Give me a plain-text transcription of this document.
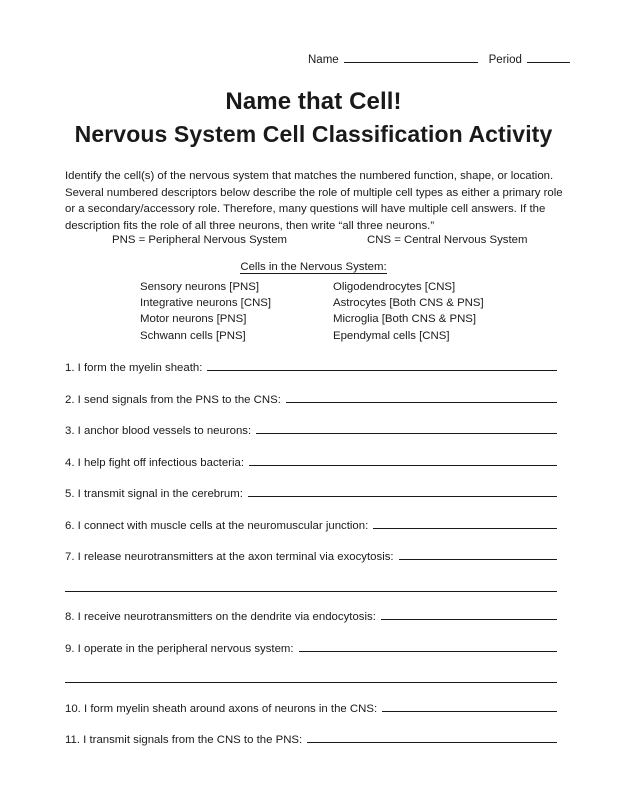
Name	Period
Name that Cell!
Nervous System Cell Classification Activity
Identify the cell(s) of the nervous system that matches the numbered function, shape, or location. Several numbered descriptors below describe the role of multiple cell types as either a primary role or a secondary/accessory role. Therefore, many questions will have multiple cell answers. If the description fits the role of all three neurons, then write “all three neurons.”
PNS = Peripheral Nervous System	CNS = Central Nervous System
Cells in the Nervous System:
Sensory neurons [PNS]
Integrative neurons [CNS]
Motor neurons [PNS]
Schwann cells [PNS]
Oligodendrocytes [CNS]
Astrocytes [Both CNS & PNS]
Microglia [Both CNS & PNS]
Ependymal cells [CNS]
1. I form the myelin sheath:
2. I send signals from the PNS to the CNS:
3. I anchor blood vessels to neurons:
4. I help fight off infectious bacteria:
5. I transmit signal in the cerebrum:
6. I connect with muscle cells at the neuromuscular junction:
7. I release neurotransmitters at the axon terminal via exocytosis:
8. I receive neurotransmitters on the dendrite via endocytosis:
9. I operate in the peripheral nervous system:
10. I form myelin sheath around axons of neurons in the CNS:
11. I transmit signals from the CNS to the PNS:
